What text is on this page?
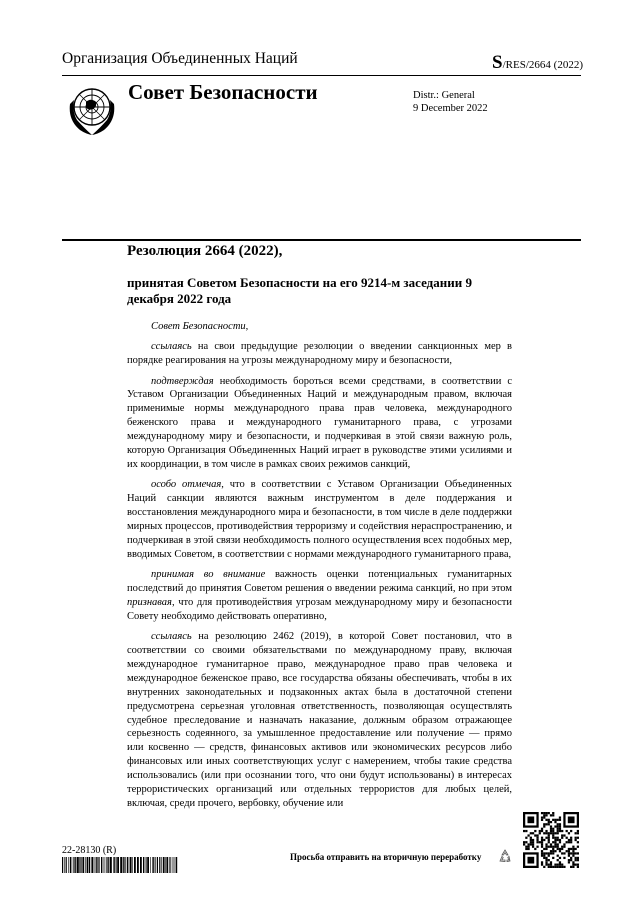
Организация Объединенных Наций	S/RES/2664 (2022)
Совет Безопасности	Distr.: General
9 December 2022
Резолюция 2664 (2022),
принятая Советом Безопасности на его 9214-м заседании 9 декабря 2022 года

Совет Безопасности,

ссылаясь на свои предыдущие резолюции о введении санкционных мер в порядке реагирования на угрозы международному миру и безопасности,

подтверждая необходимость бороться всеми средствами, в соответствии с Уставом Организации Объединенных Наций и международным правом, включая применимые нормы международного права прав человека, международного беженского права и международного гуманитарного права, с угрозами международному миру и безопасности, и подчеркивая в этой связи важную роль, которую Организация Объединенных Наций играет в руководстве этими усилиями и их координации, в том числе в рамках своих режимов санкций,

особо отмечая, что в соответствии с Уставом Организации Объединенных Наций санкции являются важным инструментом в деле поддержания и восстановления международного мира и безопасности, в том числе в деле поддержки мирных процессов, противодействия терроризму и содействия нераспространению, и подчеркивая в этой связи необходимость полного осуществления всех подобных мер, вводимых Советом, в соответствии с нормами международного гуманитарного права,

принимая во внимание важность оценки потенциальных гуманитарных последствий до принятия Советом решения о введении режима санкций, но при этом признавая, что для противодействия угрозам международному миру и безопасности Совету необходимо действовать оперативно,

ссылаясь на резолюцию 2462 (2019), в которой Совет постановил, что в соответствии со своими обязательствами по международному праву, включая международное гуманитарное право, международное право прав человека и международное беженское право, все государства обязаны обеспечивать, чтобы в их внутренних законодательных и подзаконных актах была в достаточной степени предусмотрена серьезная уголовная ответственность, позволяющая осуществлять судебное преследование и назначать наказание, должным образом отражающее серьезность содеянного, за умышленное предоставление или получение — прямо или косвенно — средств, финансовых активов или экономических ресурсов либо финансовых или иных соответствующих услуг с намерением, чтобы такие средства использовались (или при осознании того, что они будут использованы) в интересах террористических организаций или отдельных террористов для любых целей, включая, среди прочего, вербовку, обучение или

22-28130 (R)
Просьба отправить на вторичную переработку
